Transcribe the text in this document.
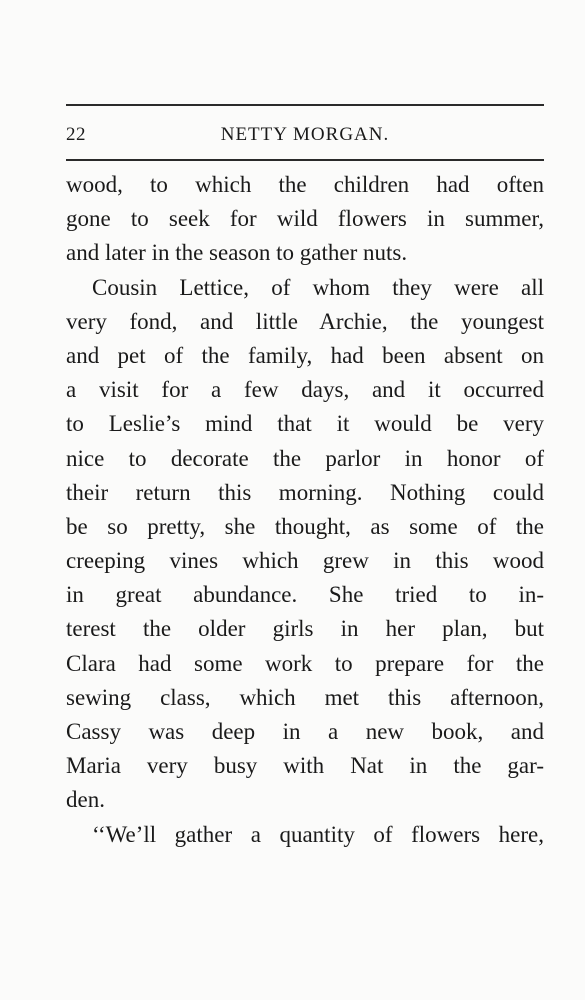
22	NETTY MORGAN.
wood, to which the children had often
gone to seek for wild flowers in summer,
and later in the season to gather nuts.
Cousin Lettice, of whom they were all
very fond, and little Archie, the youngest
and pet of the family, had been absent on
a visit for a few days, and it occurred
to Leslie’s mind that it would be very
nice to decorate the parlor in honor of
their return this morning. Nothing could
be so pretty, she thought, as some of the
creeping vines which grew in this wood
in great abundance. She tried to in-
terest the older girls in her plan, but
Clara had some work to prepare for the
sewing class, which met this afternoon,
Cassy was deep in a new book, and
Maria very busy with Nat in the gar-
den.
‘‘We’ll gather a quantity of flowers here,
